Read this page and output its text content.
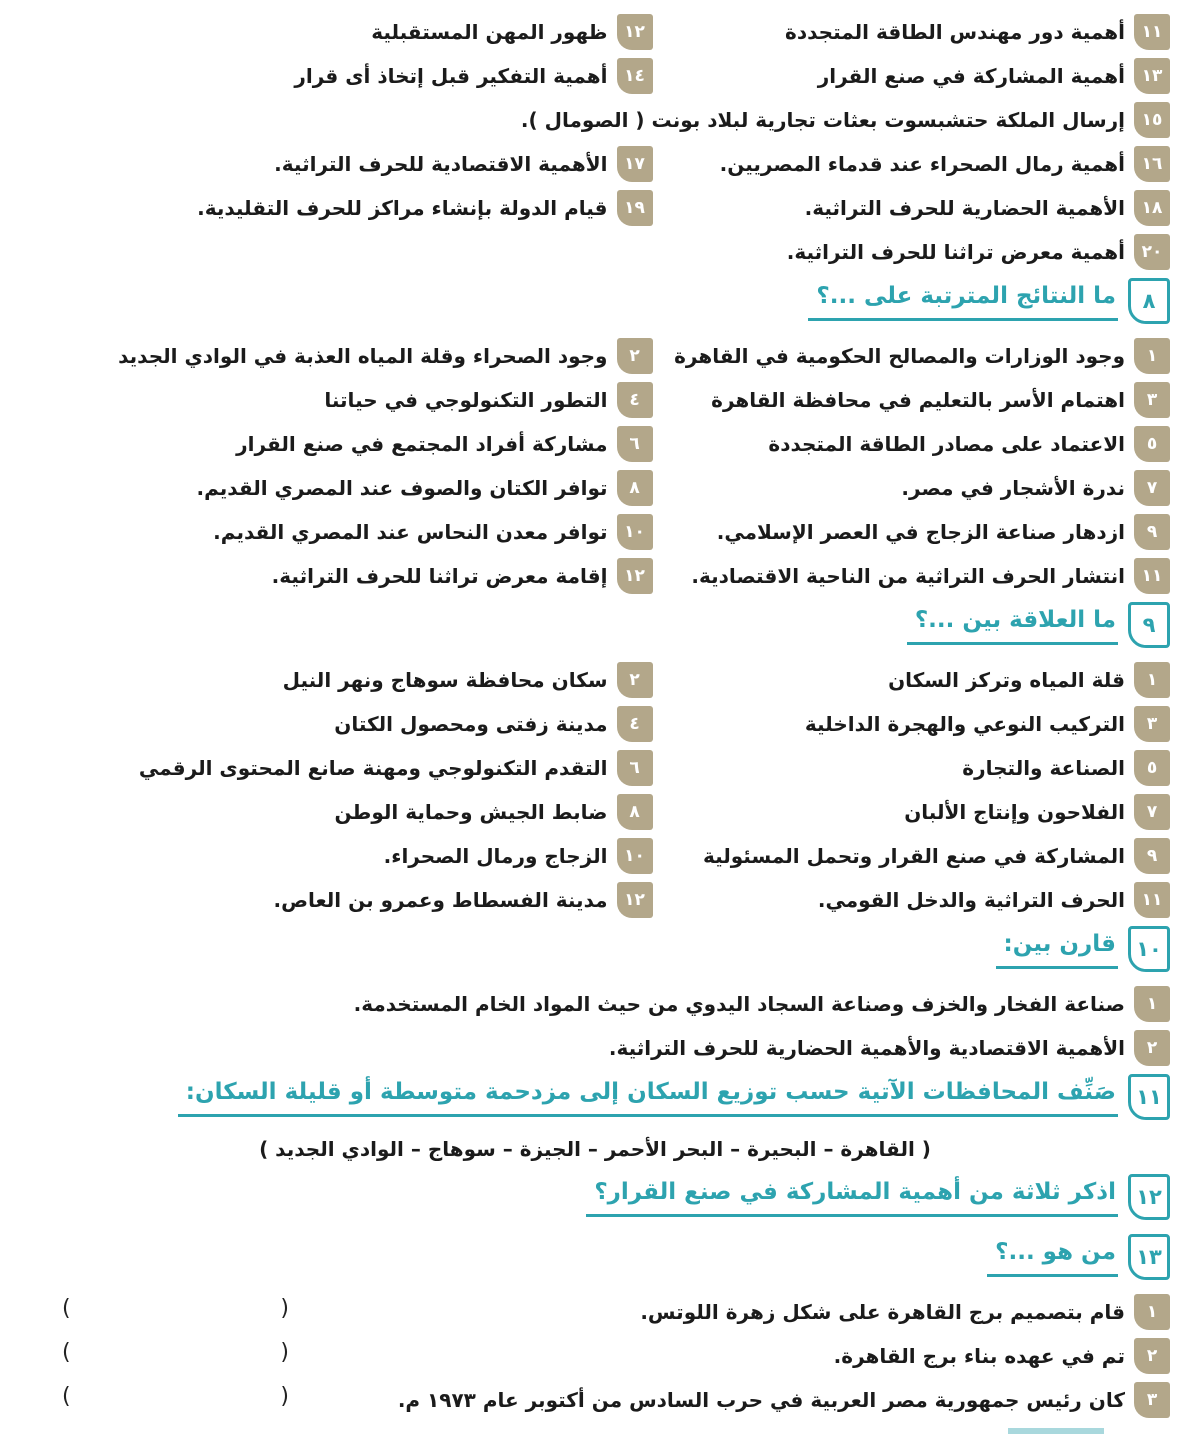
١١
أهمية دور مهندس الطاقة المتجددة
١٢
ظهور المهن المستقبلية
١٣
أهمية المشاركة في صنع القرار
١٤
أهمية التفكير قبل إتخاذ أى قرار
١٥
إرسال الملكة حتشبسوت بعثات تجارية لبلاد بونت ( الصومال ).
١٦
أهمية رمال الصحراء عند قدماء المصريين.
١٧
الأهمية الاقتصادية للحرف التراثية.
١٨
الأهمية الحضارية للحرف التراثية.
١٩
قيام الدولة بإنشاء مراكز للحرف التقليدية.
٢٠
أهمية معرض تراثنا للحرف التراثية.
٨
ما النتائج المترتبة على ...؟
١
وجود الوزارات والمصالح الحكومية في القاهرة
٢
وجود الصحراء وقلة المياه العذبة في الوادي الجديد
٣
اهتمام الأسر بالتعليم في محافظة القاهرة
٤
التطور التكنولوجي في حياتنا
٥
الاعتماد على مصادر الطاقة المتجددة
٦
مشاركة أفراد المجتمع في صنع القرار
٧
ندرة الأشجار في مصر.
٨
توافر الكتان والصوف عند المصري القديم.
٩
ازدهار صناعة الزجاج في العصر الإسلامي.
١٠
توافر معدن النحاس عند المصري القديم.
١١
انتشار الحرف التراثية من الناحية الاقتصادية.
١٢
إقامة معرض تراثنا للحرف التراثية.
٩
ما العلاقة بين ...؟
١
قلة المياه وتركز السكان
٢
سكان محافظة سوهاج ونهر النيل
٣
التركيب النوعي والهجرة الداخلية
٤
مدينة زفتى ومحصول الكتان
٥
الصناعة والتجارة
٦
التقدم التكنولوجي ومهنة صانع المحتوى الرقمي
٧
الفلاحون وإنتاج الألبان
٨
ضابط الجيش وحماية الوطن
٩
المشاركة في صنع القرار وتحمل المسئولية
١٠
الزجاج ورمال الصحراء.
١١
الحرف التراثية والدخل القومي.
١٢
مدينة الفسطاط وعمرو بن العاص.
١٠
قارن بين:
١
صناعة الفخار والخزف وصناعة السجاد اليدوي من حيث المواد الخام المستخدمة.
٢
الأهمية الاقتصادية والأهمية الحضارية للحرف التراثية.
١١
صَنِّف المحافظات الآتية حسب توزيع السكان إلى مزدحمة متوسطة أو قليلة السكان:
( القاهرة – البحيرة – البحر الأحمر – الجيزة – سوهاج – الوادي الجديد )
١٢
اذكر ثلاثة من أهمية المشاركة في صنع القرار؟
١٣
من هو ...؟
١
قام بتصميم برج القاهرة على شكل زهرة اللوتس.
(                              )
٢
تم في عهده بناء برج القاهرة.
(                              )
٣
كان رئيس جمهورية مصر العربية في حرب السادس من أكتوبر عام ١٩٧٣ م.
(                              )
